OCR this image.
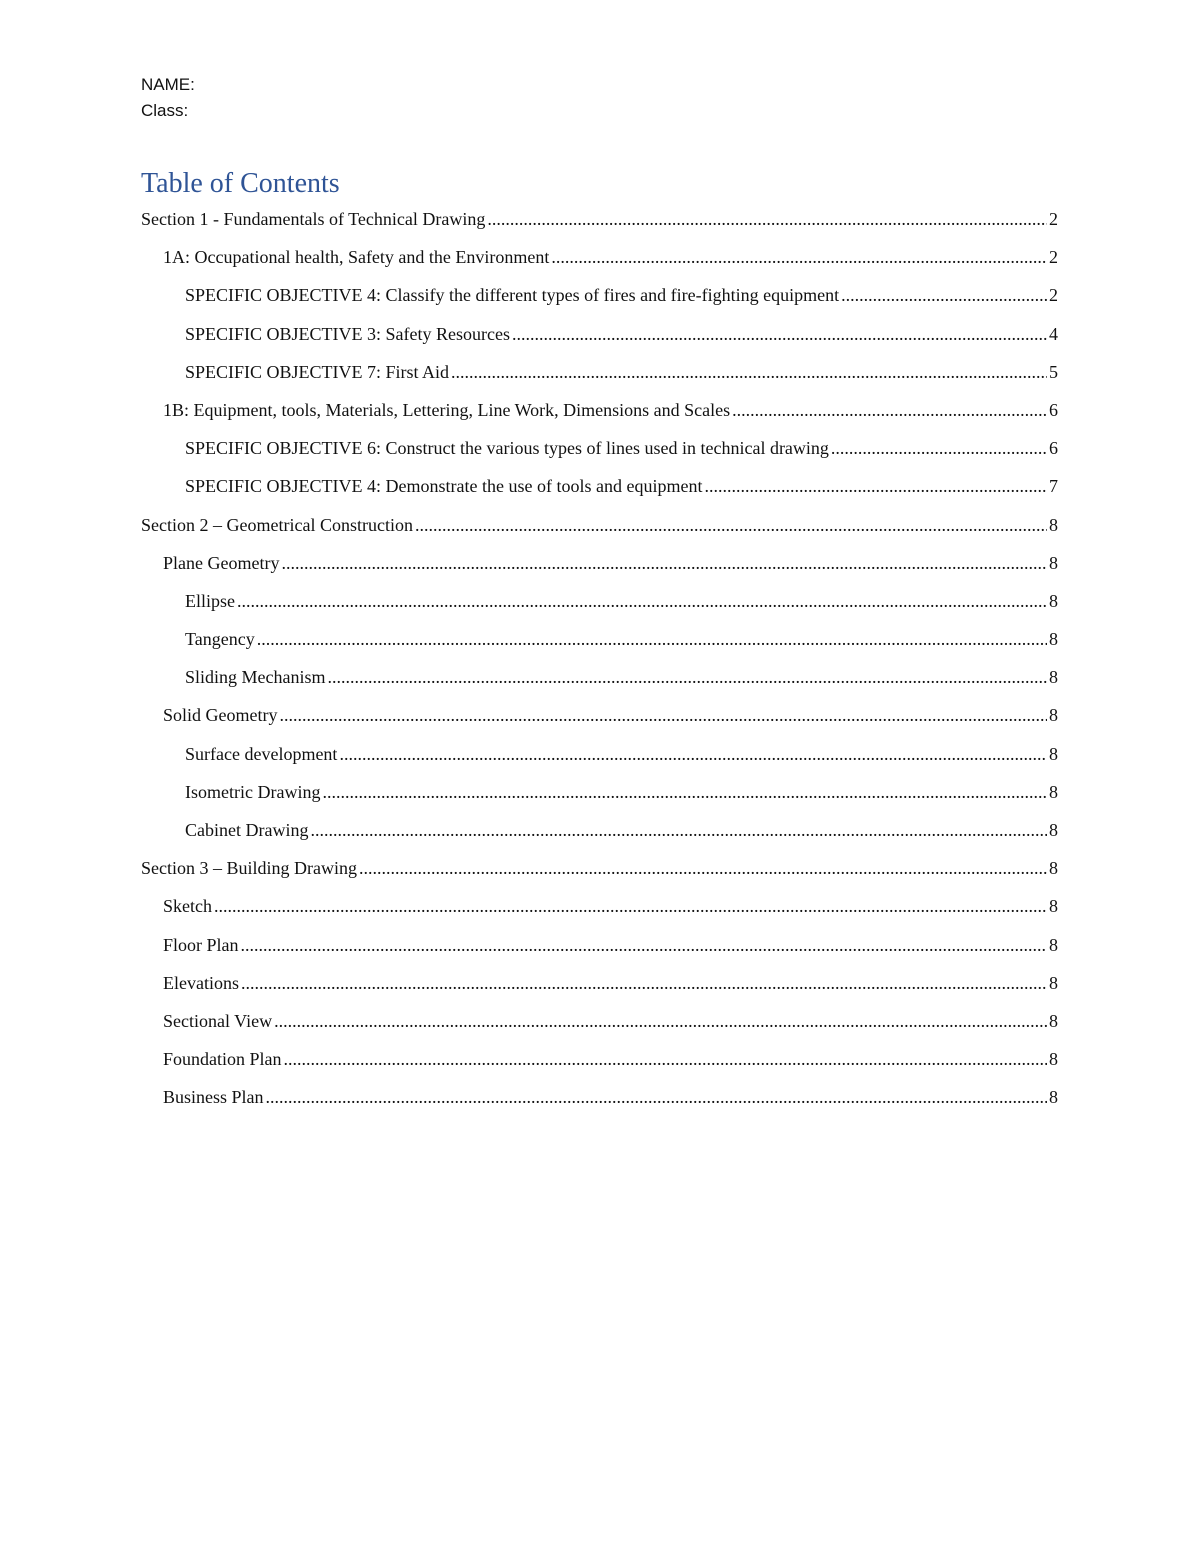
NAME:
Class:
Table of Contents
Section 1 - Fundamentals of Technical Drawing .....	2
1A: Occupational health, Safety and the Environment .....	2
SPECIFIC OBJECTIVE 4: Classify the different types of fires and fire-fighting equipment .....	2
SPECIFIC OBJECTIVE 3: Safety Resources .....	4
SPECIFIC OBJECTIVE 7: First Aid .....	5
1B: Equipment, tools, Materials, Lettering, Line Work, Dimensions and Scales .....	6
SPECIFIC OBJECTIVE 6: Construct the various types of lines used in technical drawing .....	6
SPECIFIC OBJECTIVE 4: Demonstrate the use of tools and equipment .....	7
Section 2 – Geometrical Construction .....	8
Plane Geometry .....	8
Ellipse .....	8
Tangency .....	8
Sliding Mechanism .....	8
Solid Geometry .....	8
Surface development .....	8
Isometric Drawing .....	8
Cabinet Drawing .....	8
Section 3 – Building Drawing .....	8
Sketch .....	8
Floor Plan .....	8
Elevations .....	8
Sectional View .....	8
Foundation Plan .....	8
Business Plan .....	8
